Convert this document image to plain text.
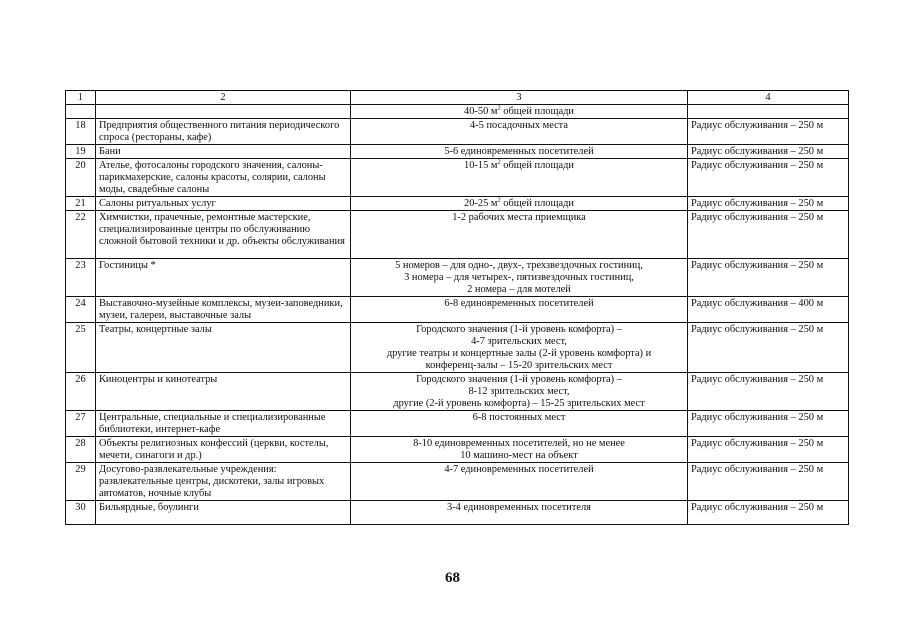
1	2	3	4

		40-50 $м^2$ общей площади	

18	Предприятия общественного питания периодического спроса (рестораны, кафе)	4-5 посадочных места	Радиус обслуживания – 250 м
19	Бани	5-6 единовременных посетителей	Радиус обслуживания – 250 м
20	Ателье, фотосалоны городского значения, салоны-парикмахерские, салоны красоты, солярии, салоны моды, свадебные салоны	10-15 $м^2$ общей площади	Радиус обслуживания – 250 м
21	Салоны ритуальных услуг	20-25 $м^2$ общей площади	Радиус обслуживания – 250 м
22	Химчистки, прачечные, ремонтные мастерские, специализированные центры по обслуживанию сложной бытовой техники и др. объекты обслуживания	1-2 рабочих места приемщика	Радиус обслуживания – 250 м
23	Гостиницы *	5 номеров – для одно-, двух-, трехзвездочных гостиниц,
3 номера – для четырех-, пятизвездочных гостиниц,
2 номера – для мотелей	Радиус обслуживания – 250 м
24	Выставочно-музейные комплексы, музеи-заповедники, музеи, галереи, выставочные залы	6-8 единовременных посетителей	Радиус обслуживания – 400 м
25	Театры, концертные залы	Городского значения (1-й уровень комфорта) –
4-7 зрительских мест,
другие театры и концертные залы (2-й уровень комфорта) и
конференц-залы – 15-20 зрительских мест	Радиус обслуживания – 250 м
26	Киноцентры и кинотеатры	Городского значения (1-й уровень комфорта) –
8-12 зрительских мест,
другие (2-й уровень комфорта) – 15-25 зрительских мест	Радиус обслуживания – 250 м
27	Центральные, специальные и специализированные библиотеки, интернет-кафе	6-8 постоянных мест	Радиус обслуживания – 250 м
28	Объекты религиозных конфессий (церкви, костелы, мечети, синагоги и др.)	8-10 единовременных посетителей, но не менее
10 машино-мест на объект	Радиус обслуживания – 250 м
29	Досугово-развлекательные учреждения: развлекательные центры, дискотеки, залы игровых автоматов, ночные клубы	4-7 единовременных посетителей	Радиус обслуживания – 250 м
30	Бильярдные, боулинги	3-4 единовременных посетителя	Радиус обслуживания – 250 м
68
